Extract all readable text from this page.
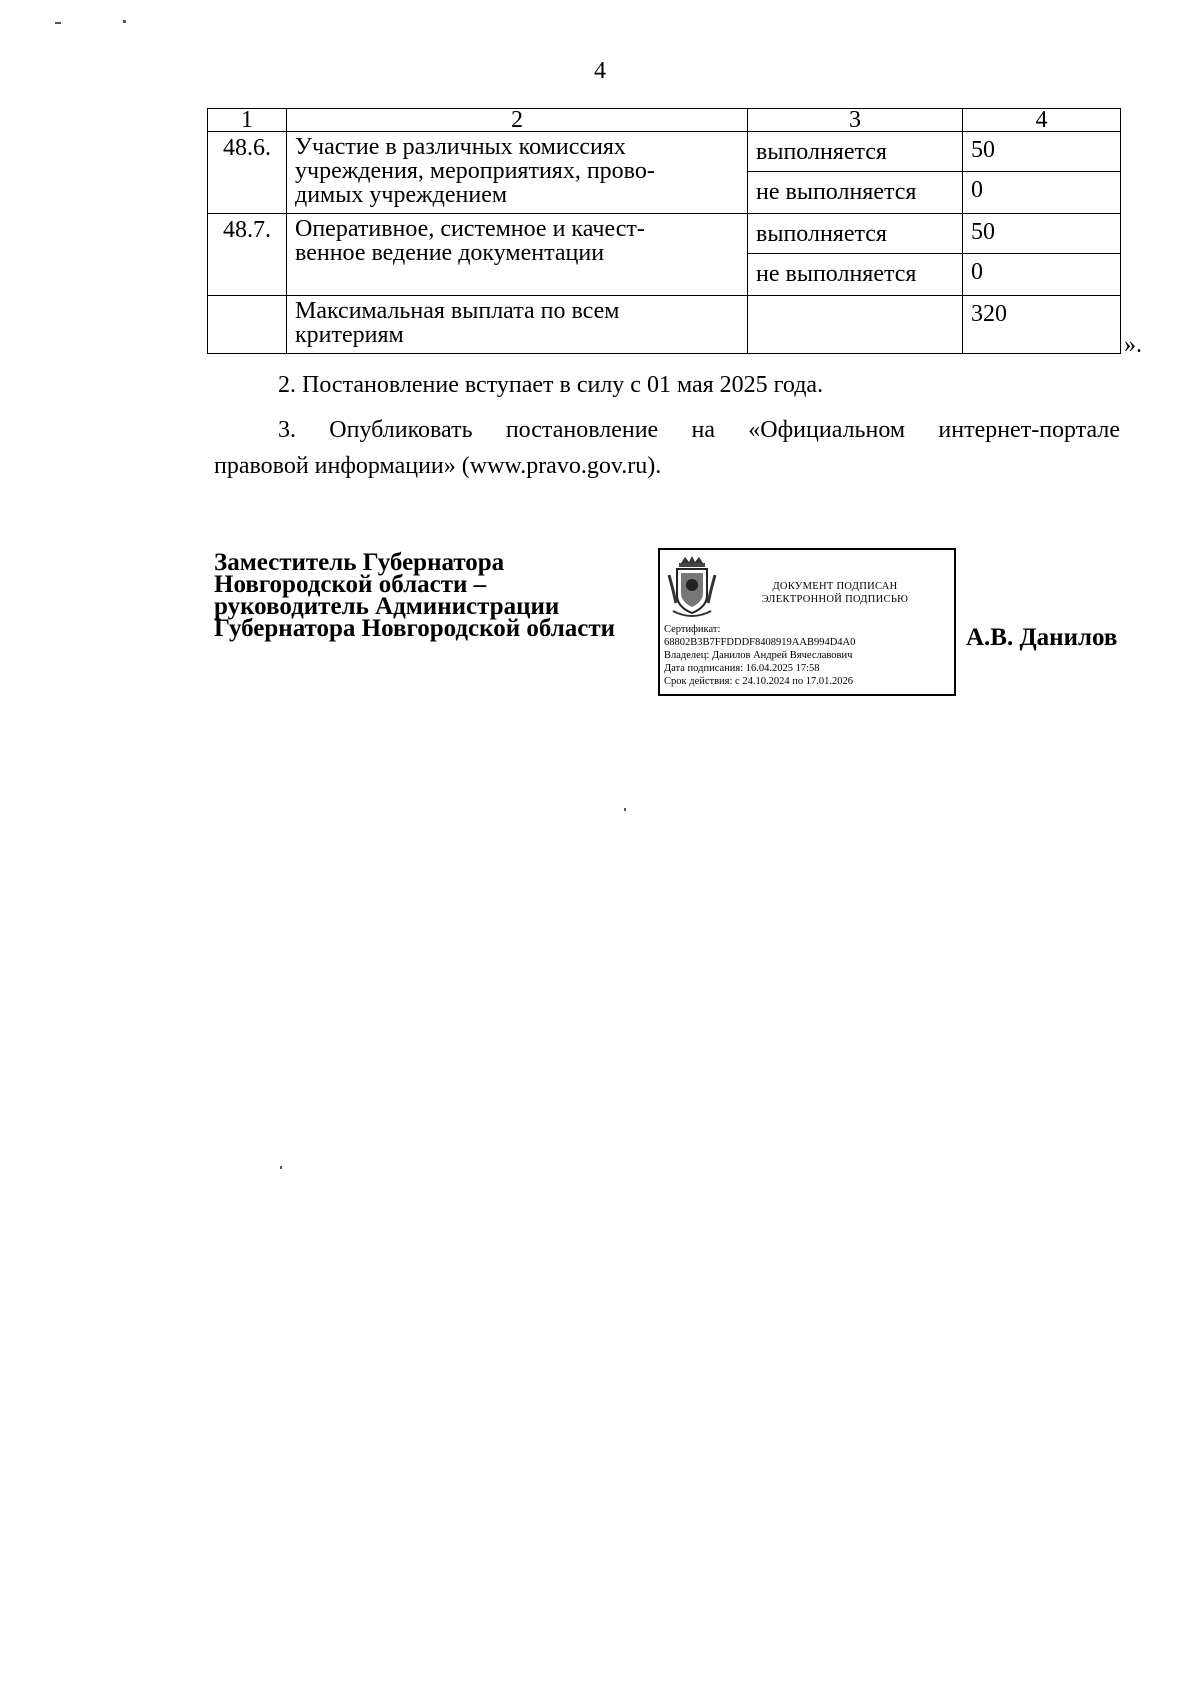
4
1	2	3	4
48.6.	Участие в различных комиссиях
учреждения, мероприятиях, прово-
димых учреждением	выполняется	50
		не выполняется	0
48.7.	Оперативное, системное и качест-
венное ведение документации	выполняется	50
		не выполняется	0

	Максимальная выплата по всем
критериям		320
».
2. Постановление вступает в силу с 01 мая 2025 года.
3. Опубликовать постановление на «Официальном интернет-портале
правовой информации» (www.pravo.gov.ru).
Заместитель Губернатора
Новгородской области –
руководитель Администрации
Губернатора Новгородской области
ДОКУМЕНТ ПОДПИСАН
ЭЛЕКТРОННОЙ ПОДПИСЬЮ
Сертификат:
68802B3B7FFDDDF8408919AAB994D4A0
Владелец: Данилов Андрей Вячеславович
Дата подписания: 16.04.2025 17:58
Срок действия: с 24.10.2024 по 17.01.2026
А.В. Данилов
